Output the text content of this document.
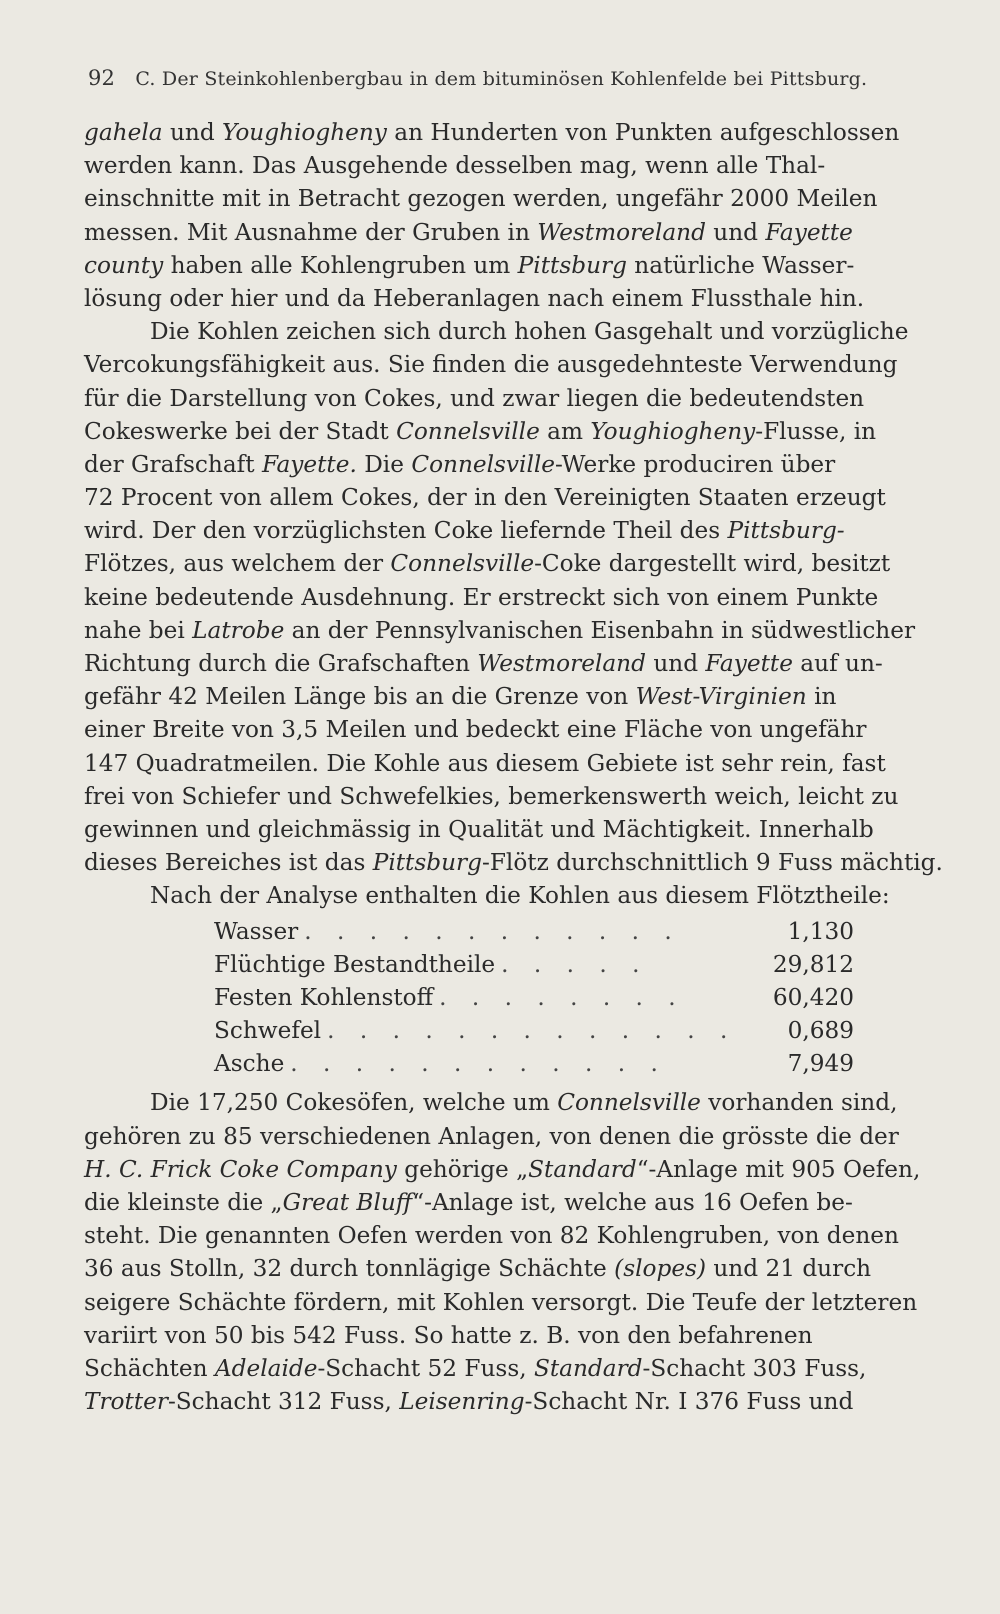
92 C. Der Steinkohlenbergbau in dem bituminösen Kohlenfelde bei Pittsburg.
gahela und Youghiogheny an Hunderten von Punkten aufgeschlossen
werden kann. Das Ausgehende desselben mag, wenn alle Thal-
einschnitte mit in Betracht gezogen werden, ungefähr 2000 Meilen
messen. Mit Ausnahme der Gruben in Westmoreland und Fayette
county haben alle Kohlengruben um Pittsburg natürliche Wasser-
lösung oder hier und da Heberanlagen nach einem Flussthale hin.
Die Kohlen zeichen sich durch hohen Gasgehalt und vorzügliche
Vercokungsfähigkeit aus. Sie finden die ausgedehnteste Verwendung
für die Darstellung von Cokes, und zwar liegen die bedeutendsten
Cokeswerke bei der Stadt Connelsville am Youghiogheny-Flusse, in
der Grafschaft Fayette. Die Connelsville-Werke produciren über
72 Procent von allem Cokes, der in den Vereinigten Staaten erzeugt
wird. Der den vorzüglichsten Coke liefernde Theil des Pittsburg-
Flötzes, aus welchem der Connelsville-Coke dargestellt wird, besitzt
keine bedeutende Ausdehnung. Er erstreckt sich von einem Punkte
nahe bei Latrobe an der Pennsylvanischen Eisenbahn in südwestlicher
Richtung durch die Grafschaften Westmoreland und Fayette auf un-
gefähr 42 Meilen Länge bis an die Grenze von West-Virginien in
einer Breite von 3,5 Meilen und bedeckt eine Fläche von ungefähr
147 Quadratmeilen. Die Kohle aus diesem Gebiete ist sehr rein, fast
frei von Schiefer und Schwefelkies, bemerkenswerth weich, leicht zu
gewinnen und gleichmässig in Qualität und Mächtigkeit. Innerhalb
dieses Bereiches ist das Pittsburg-Flötz durchschnittlich 9 Fuss mächtig.
Nach der Analyse enthalten die Kohlen aus diesem Flötztheile:
Wasser . . . . . . . . . . . .	1,130
Flüchtige Bestandtheile . . . . .	29,812
Festen Kohlenstoff . . . . . . . .	60,420
Schwefel . . . . . . . . . . . . .	0,689
Asche . . . . . . . . . . . .	7,949
Die 17,250 Cokesöfen, welche um Connelsville vorhanden sind,
gehören zu 85 verschiedenen Anlagen, von denen die grösste die der
H. C. Frick Coke Company gehörige „Standard“-Anlage mit 905 Oefen,
die kleinste die „Great Bluff“-Anlage ist, welche aus 16 Oefen be-
steht. Die genannten Oefen werden von 82 Kohlengruben, von denen
36 aus Stolln, 32 durch tonnlägige Schächte (slopes) und 21 durch
seigere Schächte fördern, mit Kohlen versorgt. Die Teufe der letzteren
variirt von 50 bis 542 Fuss. So hatte z. B. von den befahrenen
Schächten Adelaide-Schacht 52 Fuss, Standard-Schacht 303 Fuss,
Trotter-Schacht 312 Fuss, Leisenring-Schacht Nr. I 376 Fuss und
